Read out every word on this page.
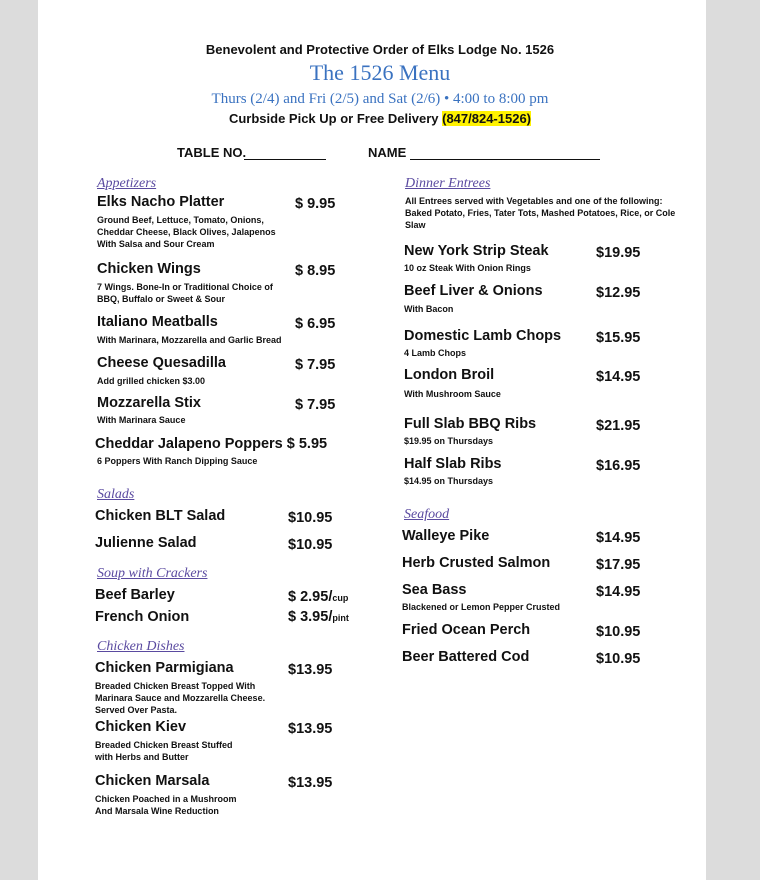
Benevolent and Protective Order of Elks Lodge No. 1526
The 1526 Menu
Thurs (2/4) and Fri (2/5) and Sat (2/6) • 4:00 to 8:00 pm
Curbside Pick Up or Free Delivery (847/824-1526)
TABLE NO.	NAME
Appetizers
Elks Nacho Platter	$ 9.95
Ground Beef, Lettuce, Tomato, Onions, Cheddar Cheese, Black Olives, Jalapenos With Salsa and Sour Cream
Chicken Wings	$ 8.95
7 Wings. Bone-In or Traditional Choice of BBQ, Buffalo or Sweet & Sour
Italiano Meatballs	$ 6.95
With Marinara, Mozzarella and Garlic Bread
Cheese Quesadilla	$ 7.95
Add grilled chicken $3.00
Mozzarella Stix	$ 7.95
With Marinara Sauce
Cheddar Jalapeno Poppers $ 5.95
6 Poppers With Ranch Dipping Sauce
Salads
Chicken BLT Salad	$10.95
Julienne Salad	$10.95
Soup with Crackers
Beef Barley	$ 2.95/cup
French Onion	$ 3.95/pint
Chicken Dishes
Chicken Parmigiana	$13.95
Breaded Chicken Breast Topped With Marinara Sauce and Mozzarella Cheese. Served Over Pasta.
Chicken Kiev	$13.95
Breaded Chicken Breast Stuffed with Herbs and Butter
Chicken Marsala	$13.95
Chicken Poached in a Mushroom And Marsala Wine Reduction
Dinner Entrees
All Entrees served with Vegetables and one of the following: Baked Potato, Fries, Tater Tots, Mashed Potatoes, Rice, or Cole Slaw
New York Strip Steak	$19.95
10 oz Steak With Onion Rings
Beef Liver & Onions	$12.95
With Bacon
Domestic Lamb Chops $15.95
4 Lamb Chops
London Broil	$14.95
With Mushroom Sauce
Full Slab BBQ Ribs	$21.95
$19.95 on Thursdays
Half Slab Ribs	$16.95
$14.95 on Thursdays
Seafood
Walleye Pike	$14.95
Herb Crusted Salmon	$17.95
Sea Bass	$14.95
Blackened or Lemon Pepper Crusted
Fried Ocean Perch	$10.95
Beer Battered Cod	$10.95
